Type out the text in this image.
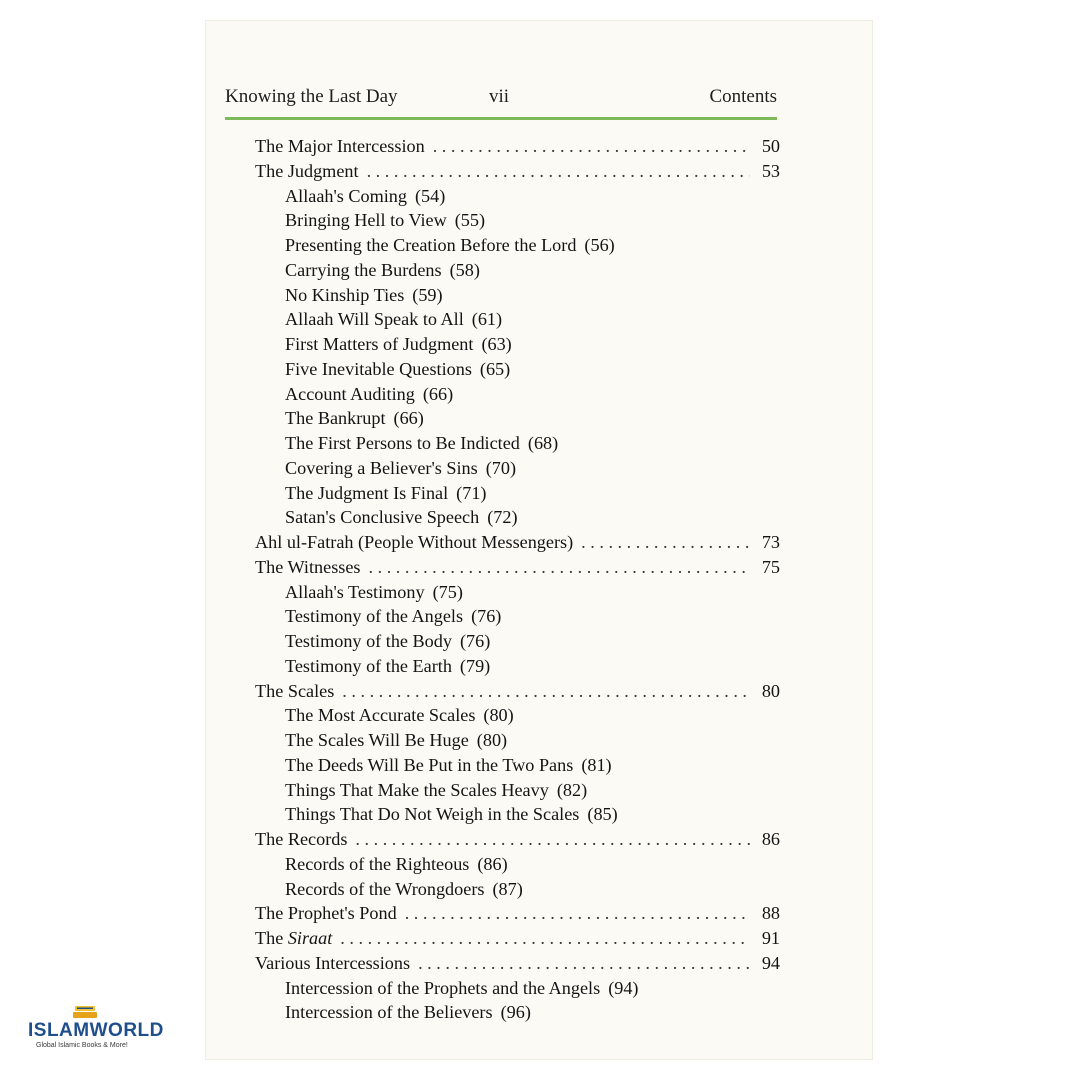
Knowing the Last Day	vii	Contents
The Major Intercession . . .	50
The Judgment . . .	53
Allaah's Coming (54)
Bringing Hell to View (55)
Presenting the Creation Before the Lord (56)
Carrying the Burdens (58)
No Kinship Ties (59)
Allaah Will Speak to All (61)
First Matters of Judgment (63)
Five Inevitable Questions (65)
Account Auditing (66)
The Bankrupt (66)
The First Persons to Be Indicted (68)
Covering a Believer's Sins (70)
The Judgment Is Final (71)
Satan's Conclusive Speech (72)
Ahl ul-Fatrah (People Without Messengers) . . .	73
The Witnesses . . .	75
Allaah's Testimony (75)
Testimony of the Angels (76)
Testimony of the Body (76)
Testimony of the Earth (79)
The Scales . . .	80
The Most Accurate Scales (80)
The Scales Will Be Huge (80)
The Deeds Will Be Put in the Two Pans (81)
Things That Make the Scales Heavy (82)
Things That Do Not Weigh in the Scales (85)
The Records . . .	86
Records of the Righteous (86)
Records of the Wrongdoers (87)
The Prophet's Pond . . .	88
The Siraat . . .	91
Various Intercessions . . .	94
Intercession of the Prophets and the Angels (94)
Intercession of the Believers (96)
ISLAMWORLD
Global Islamic Books & More!
